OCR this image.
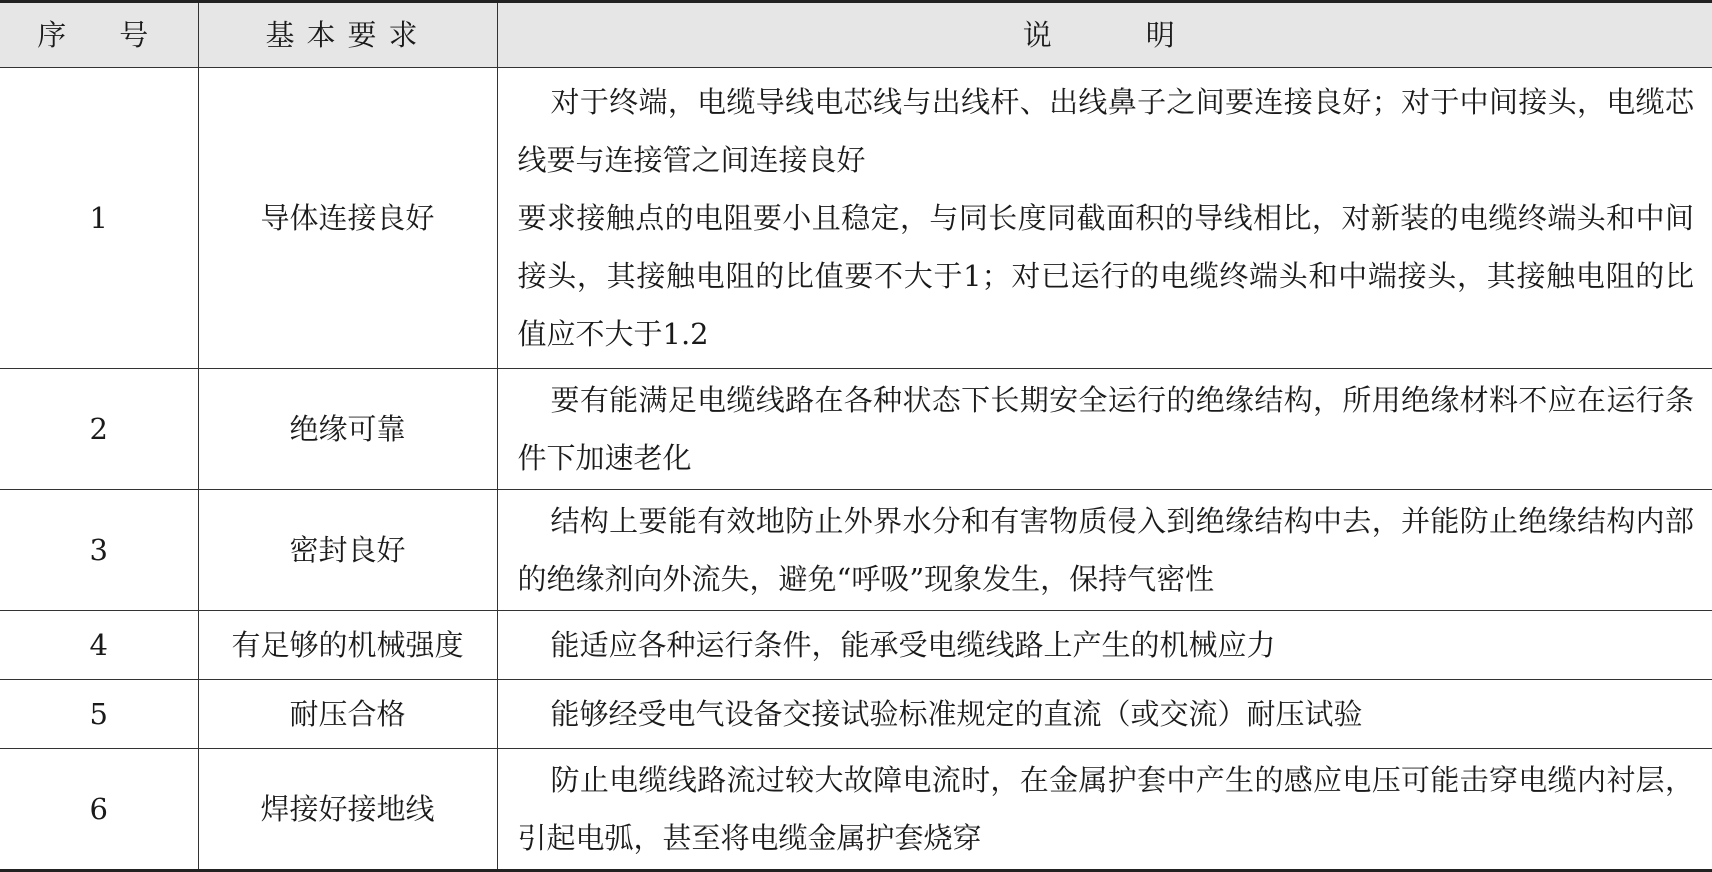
序　号	基本要求	说　　明
1	导体连接良好	对于终端，电缆导线电芯线与出线杆、出线鼻子之间要连接良好；对于中间接头，电缆芯线要与连接管之间连接良好
要求接触点的电阻要小且稳定，与同长度同截面积的导线相比，对新装的电缆终端头和中间接头，其接触电阻的比值要不大于1；对已运行的电缆终端头和中端接头，其接触电阻的比值应不大于1.2

2	绝缘可靠	要有能满足电缆线路在各种状态下长期安全运行的绝缘结构，所用绝缘材料不应在运行条件下加速老化

3	密封良好	结构上要能有效地防止外界水分和有害物质侵入到绝缘结构中去，并能防止绝缘结构内部的绝缘剂向外流失，避免“呼吸”现象发生，保持气密性

4	有足够的机械强度	能适应各种运行条件，能承受电缆线路上产生的机械应力

5	耐压合格	能够经受电气设备交接试验标准规定的直流（或交流）耐压试验

6	焊接好接地线	防止电缆线路流过较大故障电流时，在金属护套中产生的感应电压可能击穿电缆内衬层，引起电弧，甚至将电缆金属护套烧穿
